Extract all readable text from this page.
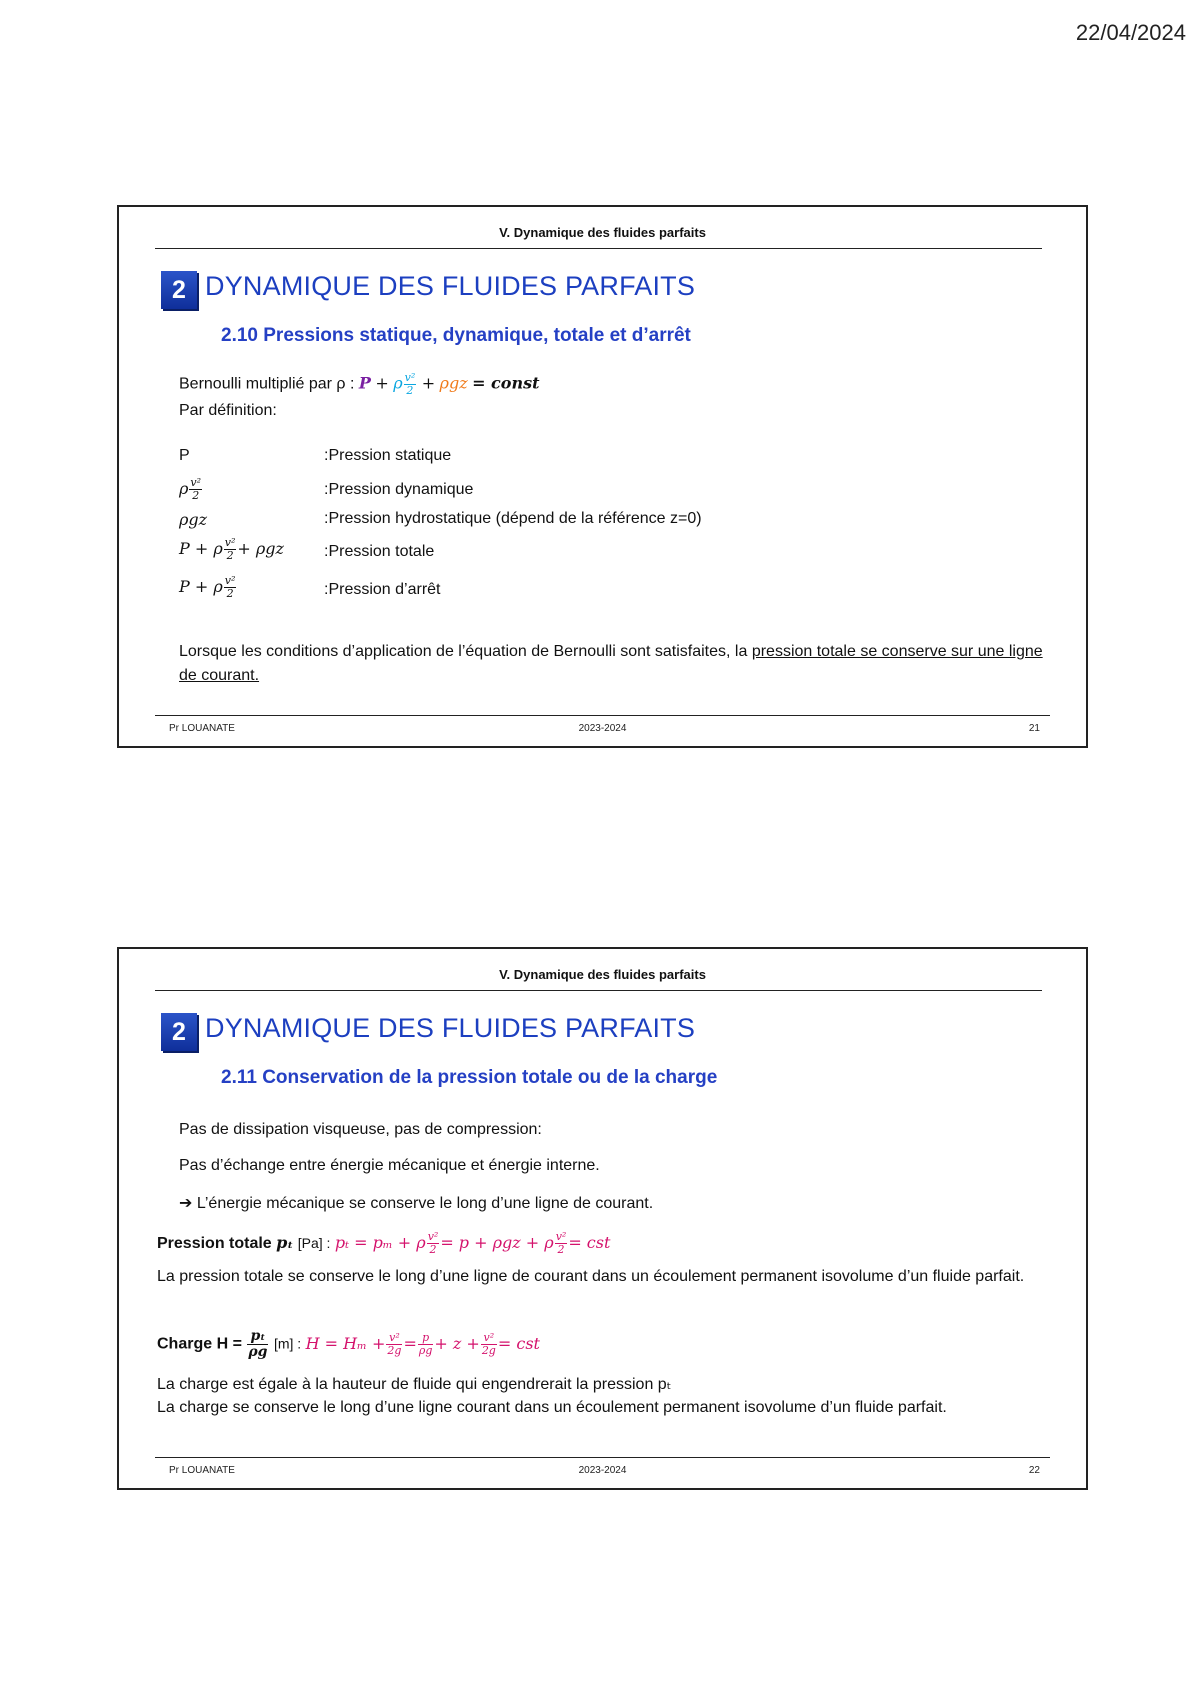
22/04/2024
V. Dynamique des fluides parfaits
2 DYNAMIQUE DES FLUIDES PARFAITS
2.10 Pressions statique, dynamique, totale et d’arrêt
Bernoulli multiplié par ρ : P + ρ $\frac{\text{v²}}{2} + \rho gz$ = const
Par définition:
P	:Pression statique
ρ $\frac{\text{v²}}{2}$	:Pression dynamique
ρgz	:Pression hydrostatique (dépend de la référence z=0)
P + ρ $\frac{\text{v²}}{2} + \rho gz$	:Pression totale
P + ρ $\frac{\text{v²}}{2}$	:Pression d’arrêt
Lorsque les conditions d’application de l’équation de Bernoulli sont satisfaites, la pression totale se conserve sur une ligne de courant.
Pr LOUANATE	2023-2024	21
V. Dynamique des fluides parfaits
2 DYNAMIQUE DES FLUIDES PARFAITS
2.11 Conservation de la pression totale ou de la charge
Pas de dissipation visqueuse, pas de compression:
Pas d’échange entre énergie mécanique et énergie interne.
➔ L’énergie mécanique se conserve le long d’une ligne de courant.
Pression totale pₜ [Pa] : pₜ = pₘ + ρ $\frac{\text{v²}}{2} = p + \rho gz + \rho \frac{\text{v²}}{2}$ = cst
La pression totale se conserve le long d’une ligne de courant dans un écoulement permanent isovolume d’un fluide parfait.
Charge $H = \frac{\text{pₜ}}{\rho g} [m]$ : $H = H_m + \frac{\text{v²}}{2g} = \frac{p}{\rho g} + z + \frac{\text{v²}}{2g}$ = cst
La charge est égale à la hauteur de fluide qui engendrerait la pression pₜ
La charge se conserve le long d’une ligne courant dans un écoulement permanent isovolume d’un fluide parfait.
Pr LOUANATE	2023-2024	22
